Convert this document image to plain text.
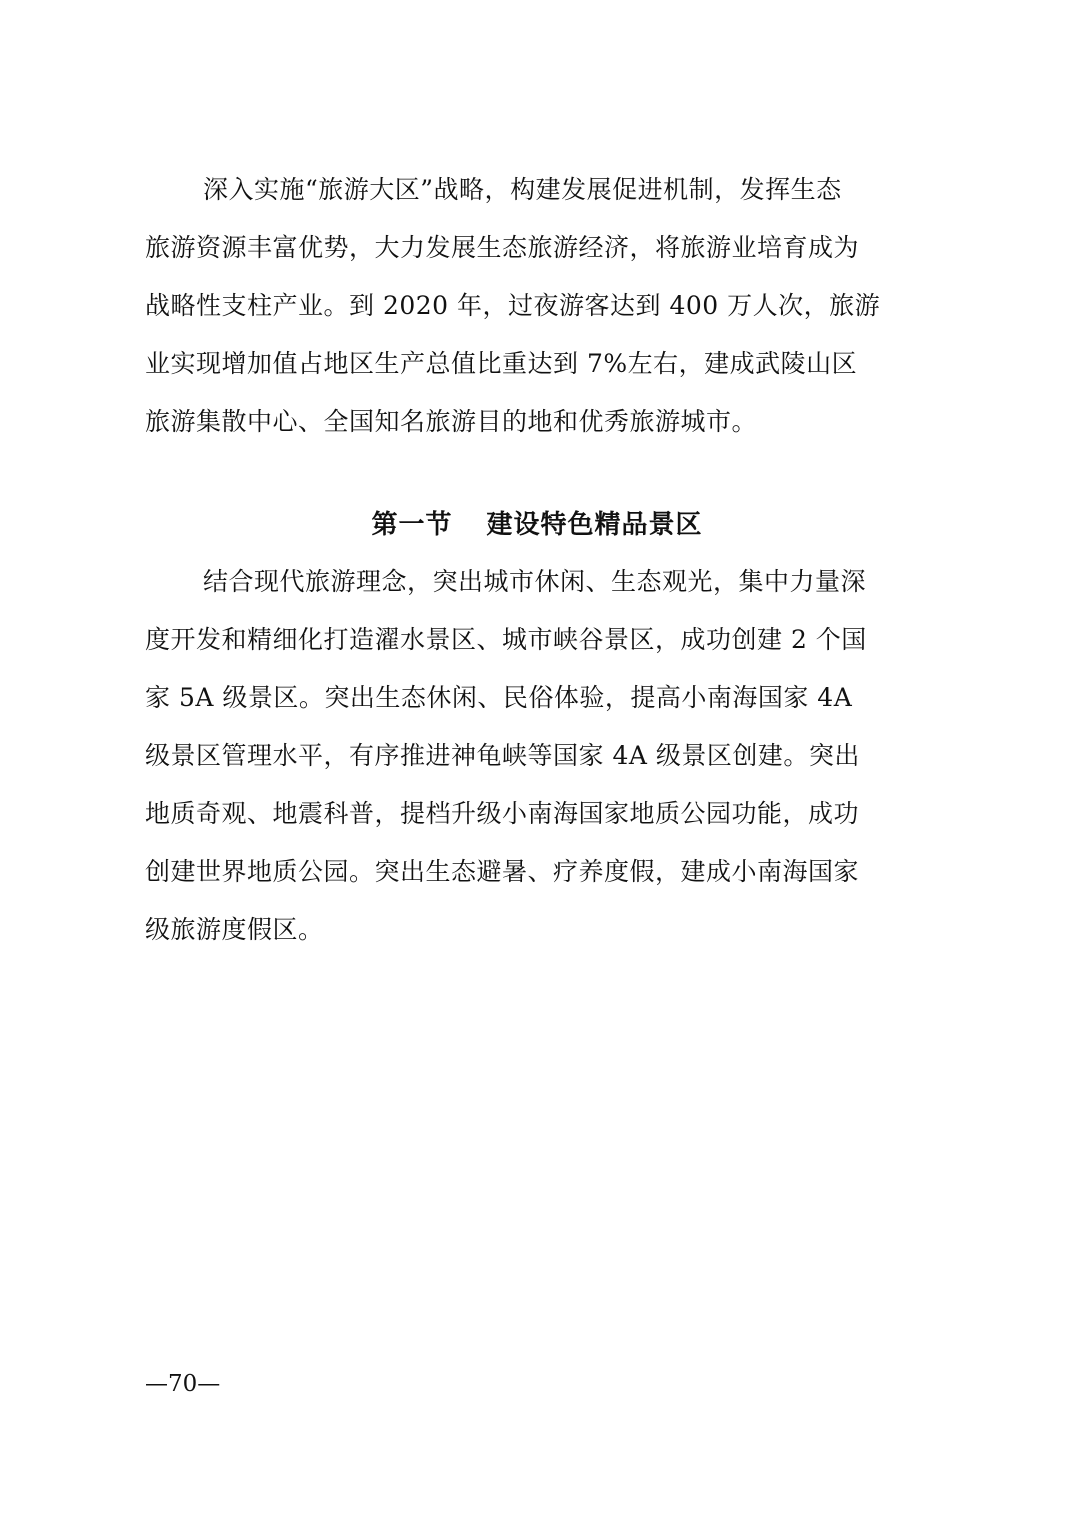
深入实施“旅游大区”战略，构建发展促进机制，发挥生态
旅游资源丰富优势，大力发展生态旅游经济，将旅游业培育成为
战略性支柱产业。到 2020 年，过夜游客达到 400 万人次，旅游
业实现增加值占地区生产总值比重达到 7%左右，建成武陵山区
旅游集散中心、全国知名旅游目的地和优秀旅游城市。
第一节 建设特色精品景区
结合现代旅游理念，突出城市休闲、生态观光，集中力量深
度开发和精细化打造濯水景区、城市峡谷景区，成功创建 2 个国
家 5A 级景区。突出生态休闲、民俗体验，提高小南海国家 4A
级景区管理水平，有序推进神龟峡等国家 4A 级景区创建。突出
地质奇观、地震科普，提档升级小南海国家地质公园功能，成功
创建世界地质公园。突出生态避暑、疗养度假，建成小南海国家
级旅游度假区。
—70—
